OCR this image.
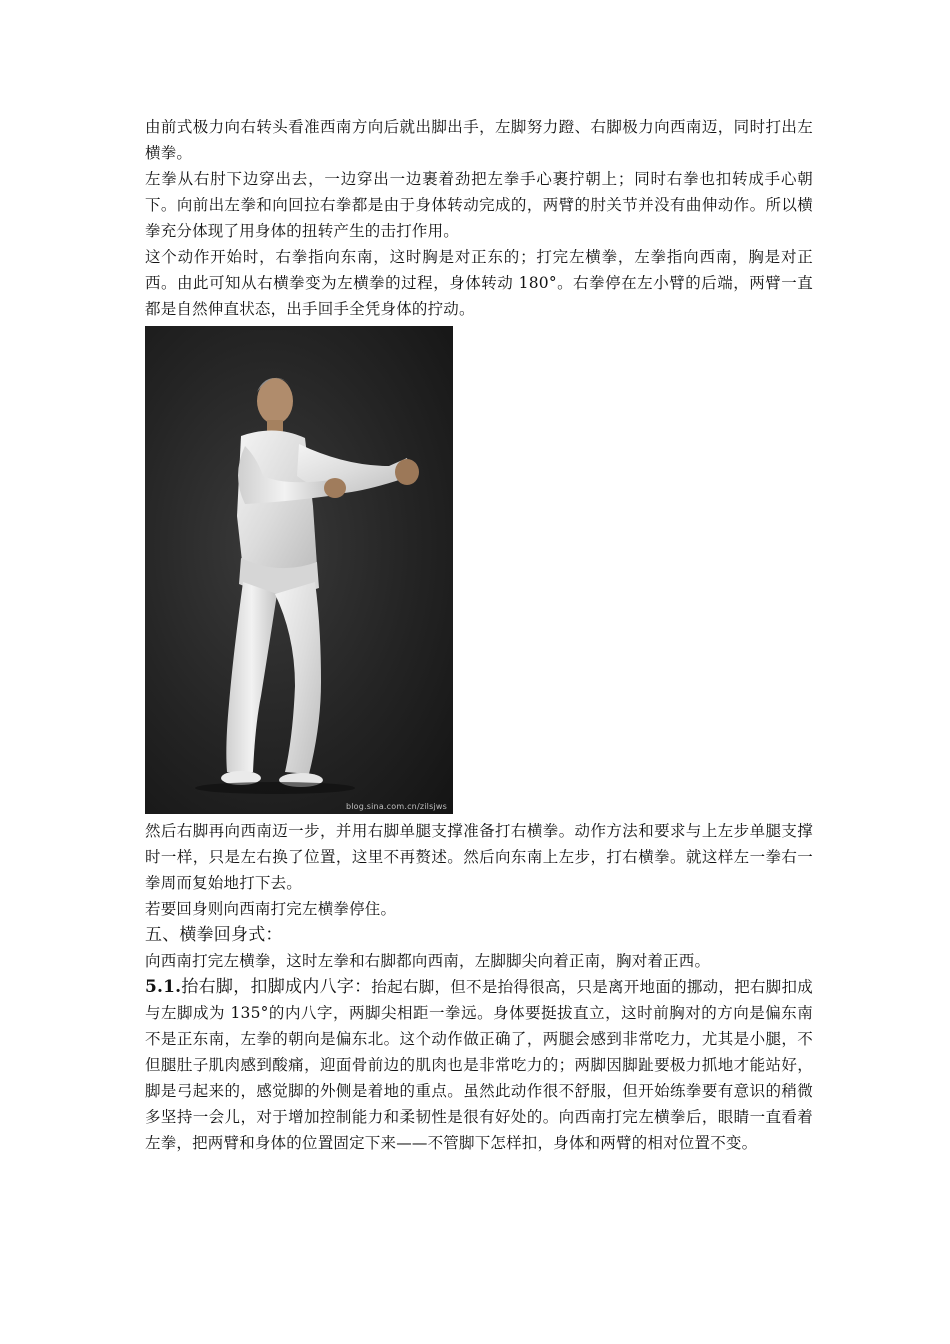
由前式极力向右转头看准西南方向后就出脚出手，左脚努力蹬、右脚极力向西南迈，同时打出左横拳。

左拳从右肘下边穿出去，一边穿出一边裹着劲把左拳手心裹拧朝上；同时右拳也扣转成手心朝下。向前出左拳和向回拉右拳都是由于身体转动完成的，两臂的肘关节并没有曲伸动作。所以横拳充分体现了用身体的扭转产生的击打作用。

这个动作开始时，右拳指向东南，这时胸是对正东的；打完左横拳，左拳指向西南，胸是对正西。由此可知从右横拳变为左横拳的过程，身体转动 180°。右拳停在左小臂的后端，两臂一直都是自然伸直状态，出手回手全凭身体的拧动。

blog.sina.com.cn/zilsjws

然后右脚再向西南迈一步，并用右脚单腿支撑准备打右横拳。动作方法和要求与上左步单腿支撑时一样，只是左右换了位置，这里不再赘述。然后向东南上左步，打右横拳。就这样左一拳右一拳周而复始地打下去。

若要回身则向西南打完左横拳停住。

五、横拳回身式：

向西南打完左横拳，这时左拳和右脚都向西南，左脚脚尖向着正南，胸对着正西。

5.1.抬右脚，扣脚成内八字：抬起右脚，但不是抬得很高，只是离开地面的挪动，把右脚扣成与左脚成为 135°的内八字，两脚尖相距一拳远。身体要挺拔直立，这时前胸对的方向是偏东南不是正东南，左拳的朝向是偏东北。这个动作做正确了，两腿会感到非常吃力，尤其是小腿，不但腿肚子肌肉感到酸痛，迎面骨前边的肌肉也是非常吃力的；两脚因脚趾要极力抓地才能站好，脚是弓起来的，感觉脚的外侧是着地的重点。虽然此动作很不舒服，但开始练拳要有意识的稍微多坚持一会儿，对于增加控制能力和柔韧性是很有好处的。向西南打完左横拳后，眼睛一直看着左拳，把两臂和身体的位置固定下来——不管脚下怎样扣，身体和两臂的相对位置不变。
